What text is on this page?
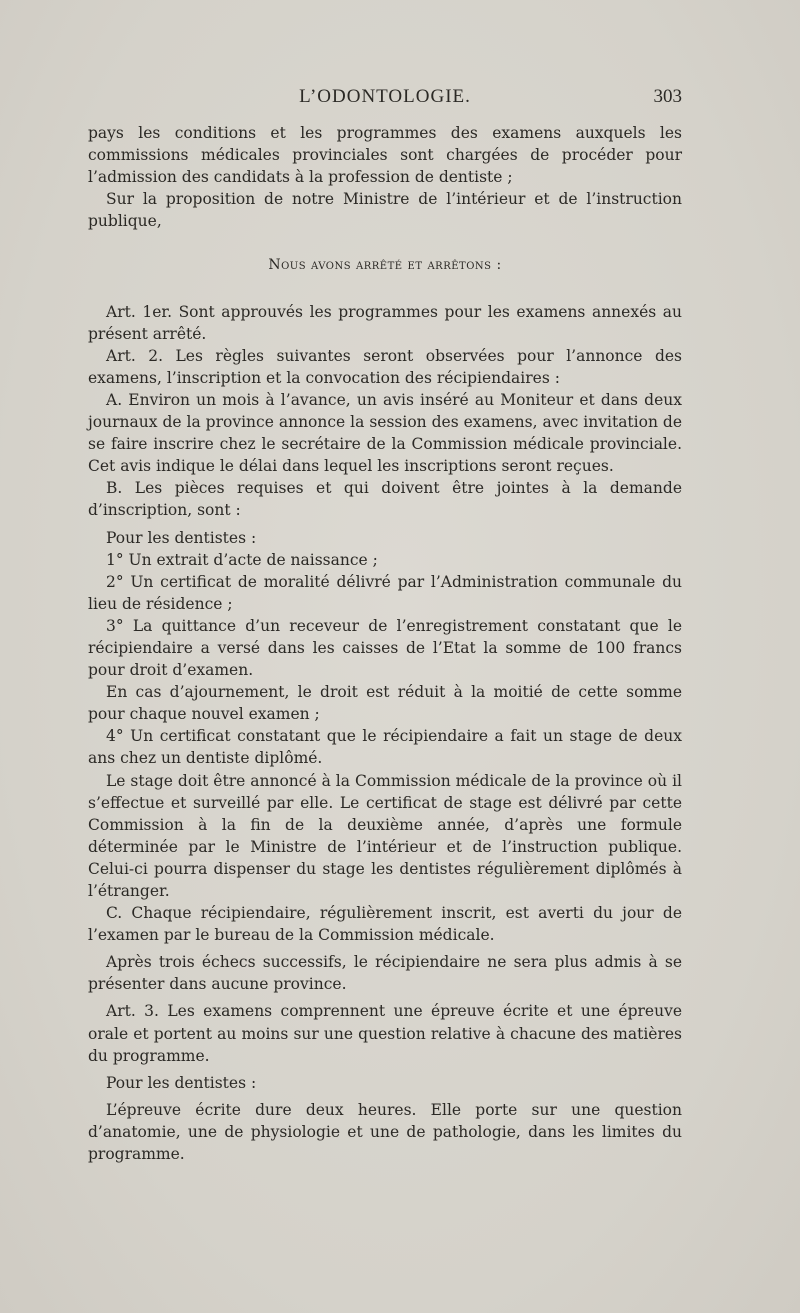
L’ODONTOLOGIE.	303

pays les conditions et les programmes des examens auxquels les commissions médicales provinciales sont chargées de procéder pour l’admission des candidats à la profession de dentiste ;

Sur la proposition de notre Ministre de l’intérieur et de l’instruction publique,

Nous avons arrêté et arrêtons :

Art. 1er. Sont approuvés les programmes pour les examens annexés au présent arrêté.

Art. 2. Les règles suivantes seront observées pour l’annonce des examens, l’inscription et la convocation des récipiendaires :

A. Environ un mois à l’avance, un avis inséré au Moniteur et dans deux journaux de la province annonce la session des examens, avec invitation de se faire inscrire chez le secrétaire de la Commission médicale provinciale. Cet avis indique le délai dans lequel les inscriptions seront reçues.

B. Les pièces requises et qui doivent être jointes à la demande d’inscription, sont :

Pour les dentistes :

1° Un extrait d’acte de naissance ;

2° Un certificat de moralité délivré par l’Administration communale du lieu de résidence ;

3° La quittance d’un receveur de l’enregistrement constatant que le récipiendaire a versé dans les caisses de l’Etat la somme de 100 francs pour droit d’examen.

En cas d’ajournement, le droit est réduit à la moitié de cette somme pour chaque nouvel examen ;

4° Un certificat constatant que le récipiendaire a fait un stage de deux ans chez un dentiste diplômé.

Le stage doit être annoncé à la Commission médicale de la province où il s’effectue et surveillé par elle. Le certificat de stage est délivré par cette Commission à la fin de la deuxième année, d’après une formule déterminée par le Ministre de l’intérieur et de l’instruction publique. Celui-ci pourra dispenser du stage les dentistes régulièrement diplômés à l’étranger.

C. Chaque récipiendaire, régulièrement inscrit, est averti du jour de l’examen par le bureau de la Commission médicale.

Après trois échecs successifs, le récipiendaire ne sera plus admis à se présenter dans aucune province.

Art. 3. Les examens comprennent une épreuve écrite et une épreuve orale et portent au moins sur une question relative à chacune des matières du programme.

Pour les dentistes :

L’épreuve écrite dure deux heures. Elle porte sur une question d’anatomie, une de physiologie et une de pathologie, dans les limites du programme.
